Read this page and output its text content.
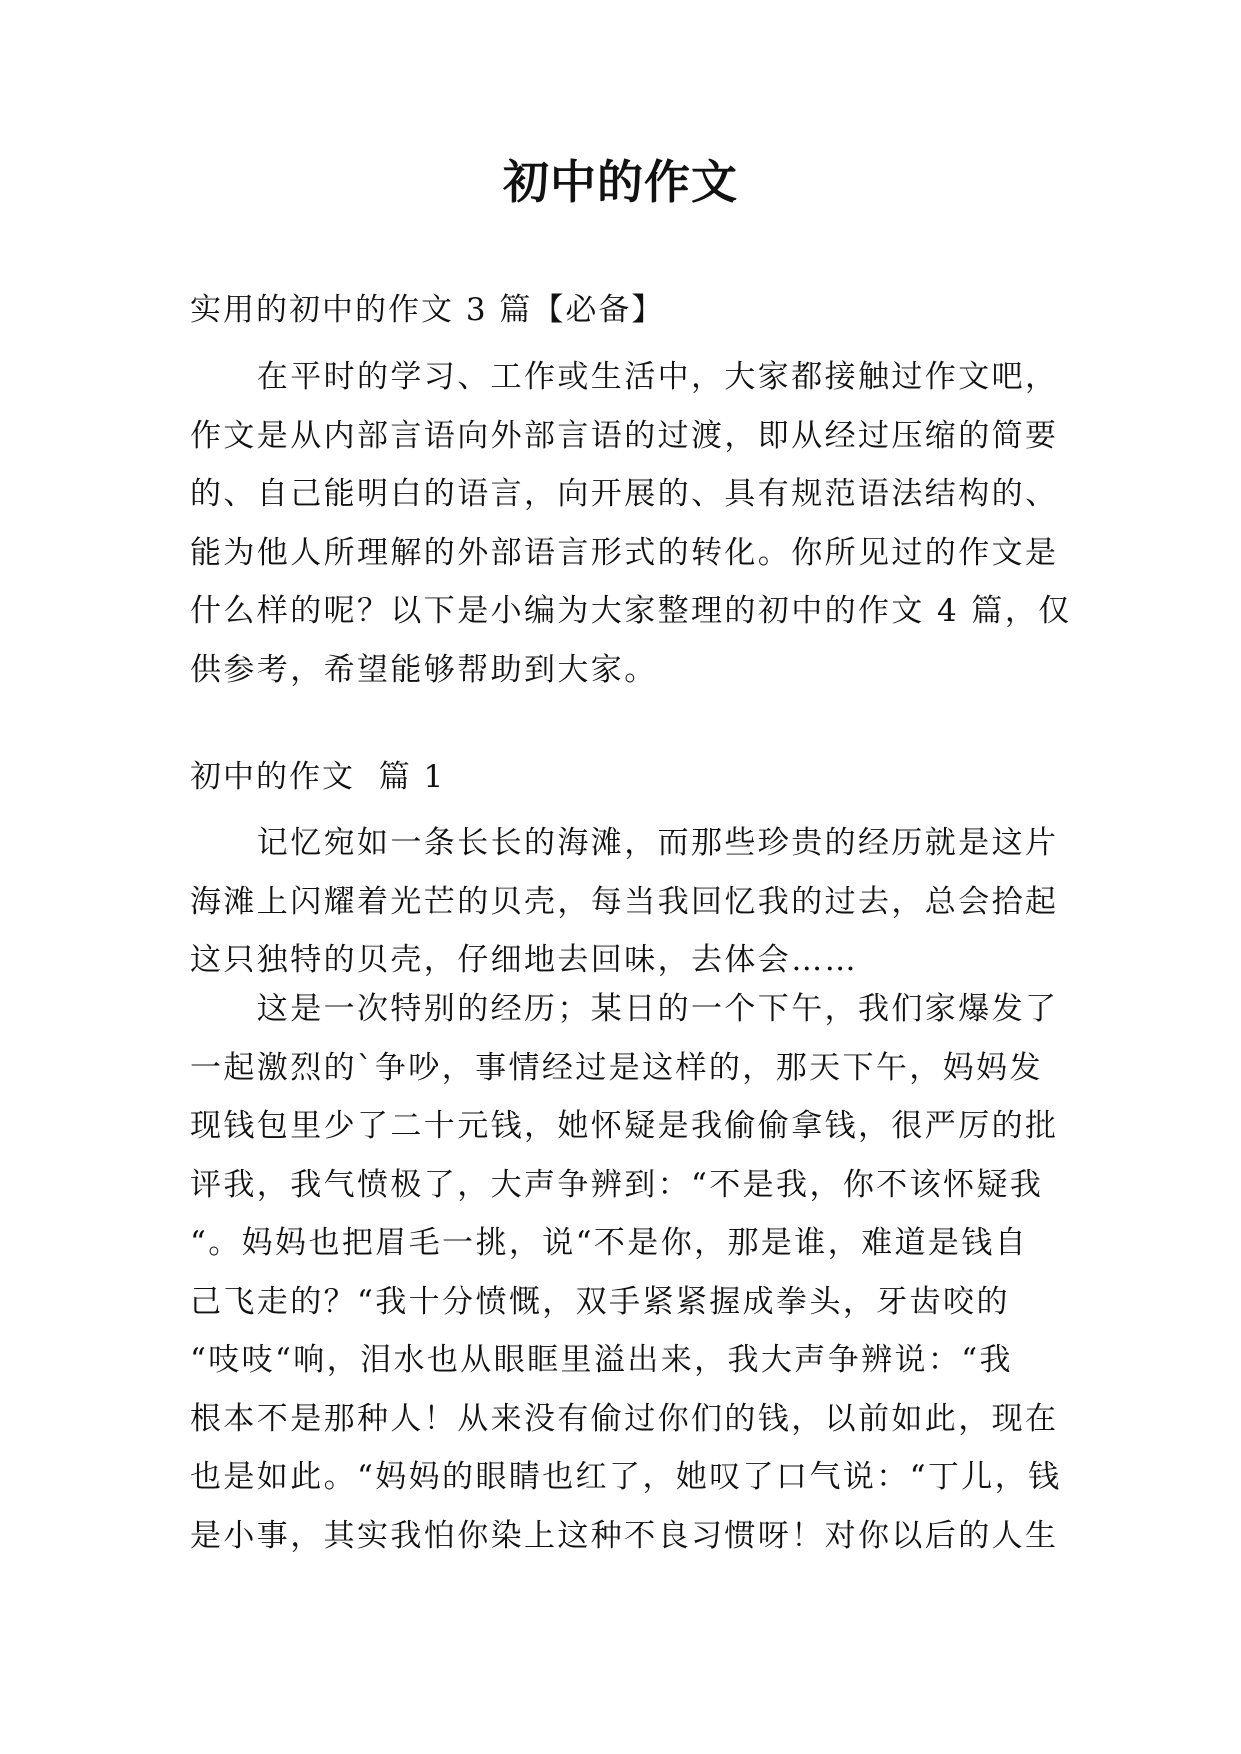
初中的作文
实用的初中的作文 3 篇【必备】
　　在平时的学习、工作或生活中，大家都接触过作文吧，
作文是从内部言语向外部言语的过渡，即从经过压缩的简要
的、自己能明白的语言，向开展的、具有规范语法结构的、
能为他人所理解的外部语言形式的转化。你所见过的作文是
什么样的呢？以下是小编为大家整理的初中的作文 4 篇，仅
供参考，希望能够帮助到大家。
初中的作文  篇 1
　　记忆宛如一条长长的海滩，而那些珍贵的经历就是这片
海滩上闪耀着光芒的贝壳，每当我回忆我的过去，总会拾起
这只独特的贝壳，仔细地去回味，去体会……
　　这是一次特别的经历；某日的一个下午，我们家爆发了
一起激烈的`争吵，事情经过是这样的，那天下午，妈妈发
现钱包里少了二十元钱，她怀疑是我偷偷拿钱，很严厉的批
评我，我气愤极了，大声争辨到：“不是我，你不该怀疑我
“。妈妈也把眉毛一挑，说“不是你，那是谁，难道是钱自
己飞走的？“我十分愤慨，双手紧紧握成拳头，牙齿咬的
“吱吱“响，泪水也从眼眶里溢出来，我大声争辨说：“我
根本不是那种人！从来没有偷过你们的钱，以前如此，现在
也是如此。“妈妈的眼睛也红了，她叹了口气说：“丁儿，钱
是小事，其实我怕你染上这种不良习惯呀！对你以后的人生
